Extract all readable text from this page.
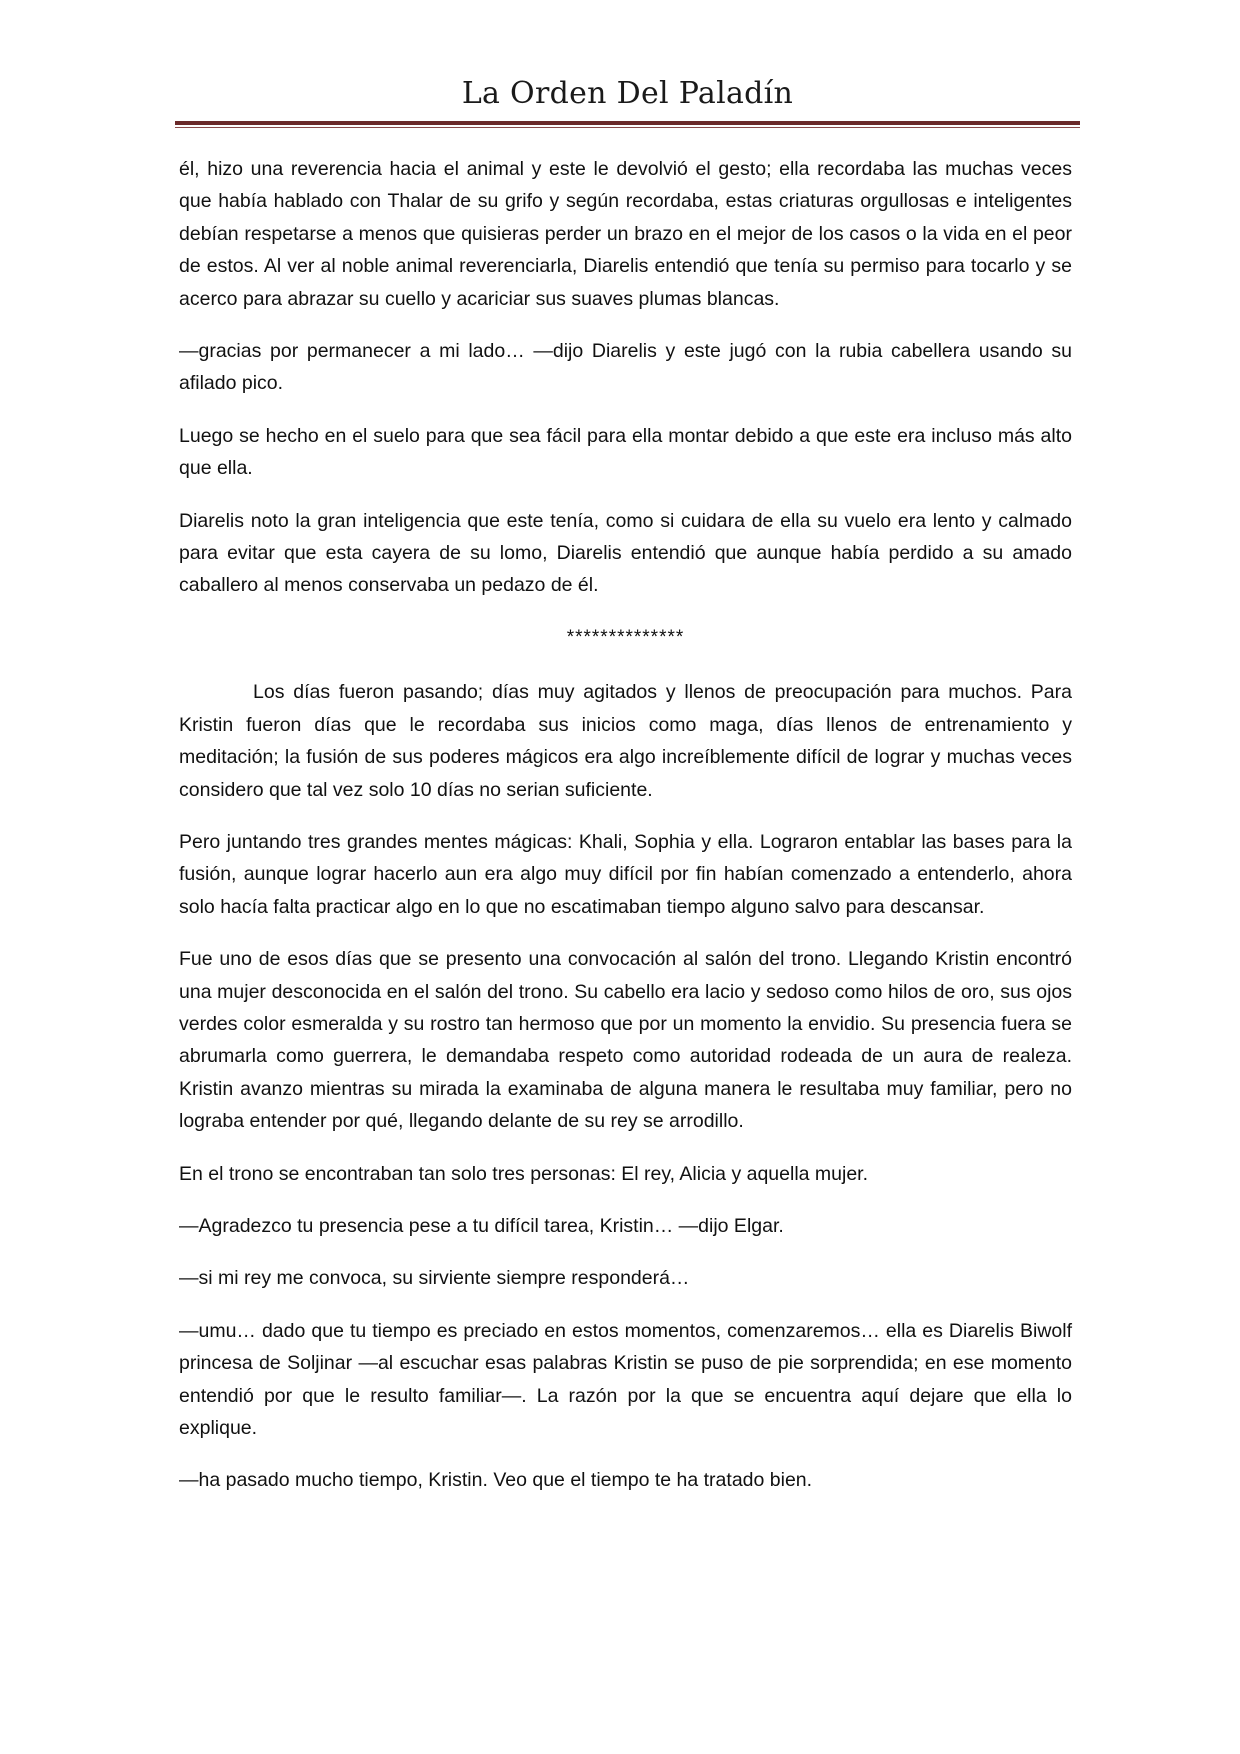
La Orden Del Paladín

él, hizo una reverencia hacia el animal y este le devolvió el gesto; ella recordaba las muchas veces que había hablado con Thalar de su grifo y según recordaba, estas criaturas orgullosas e inteligentes debían respetarse a menos que quisieras perder un brazo en el mejor de los casos o la vida en el peor de estos. Al ver al noble animal reverenciarla, Diarelis entendió que tenía su permiso para tocarlo y se acerco para abrazar su cuello y acariciar sus suaves plumas blancas.

—gracias por permanecer a mi lado… —dijo Diarelis y este jugó con la rubia cabellera usando su afilado pico.

Luego se hecho en el suelo para que sea fácil para ella montar debido a que este era incluso más alto que ella.

Diarelis noto la gran inteligencia que este tenía, como si cuidara de ella su vuelo era lento y calmado para evitar que esta cayera de su lomo, Diarelis entendió que aunque había perdido a su amado caballero al menos conservaba un pedazo de él.

**************

Los días fueron pasando; días muy agitados y llenos de preocupación para muchos. Para Kristin fueron días que le recordaba sus inicios como maga, días llenos de entrenamiento y meditación; la fusión de sus poderes mágicos era algo increíblemente difícil de lograr y muchas veces considero que tal vez solo 10 días no serian suficiente.

Pero juntando tres grandes mentes mágicas: Khali, Sophia y ella. Lograron entablar las bases para la fusión, aunque lograr hacerlo aun era algo muy difícil por fin habían comenzado a entenderlo, ahora solo hacía falta practicar algo en lo que no escatimaban tiempo alguno salvo para descansar.

Fue uno de esos días que se presento una convocación al salón del trono. Llegando Kristin encontró una mujer desconocida en el salón del trono. Su cabello era lacio y sedoso como hilos de oro, sus ojos verdes color esmeralda y su rostro tan hermoso que por un momento la envidio. Su presencia fuera se abrumarla como guerrera, le demandaba respeto como autoridad rodeada de un aura de realeza. Kristin avanzo mientras su mirada la examinaba de alguna manera le resultaba muy familiar, pero no lograba entender por qué, llegando delante de su rey se arrodillo.

En el trono se encontraban tan solo tres personas: El rey, Alicia y aquella mujer.

—Agradezco tu presencia pese a tu difícil tarea, Kristin… —dijo Elgar.

—si mi rey me convoca, su sirviente siempre responderá…

—umu… dado que tu tiempo es preciado en estos momentos, comenzaremos… ella es Diarelis Biwolf princesa de Soljinar —al escuchar esas palabras Kristin se puso de pie sorprendida; en ese momento entendió por que le resulto familiar—. La razón por la que se encuentra aquí dejare que ella lo explique.

—ha pasado mucho tiempo, Kristin. Veo que el tiempo te ha tratado bien.
